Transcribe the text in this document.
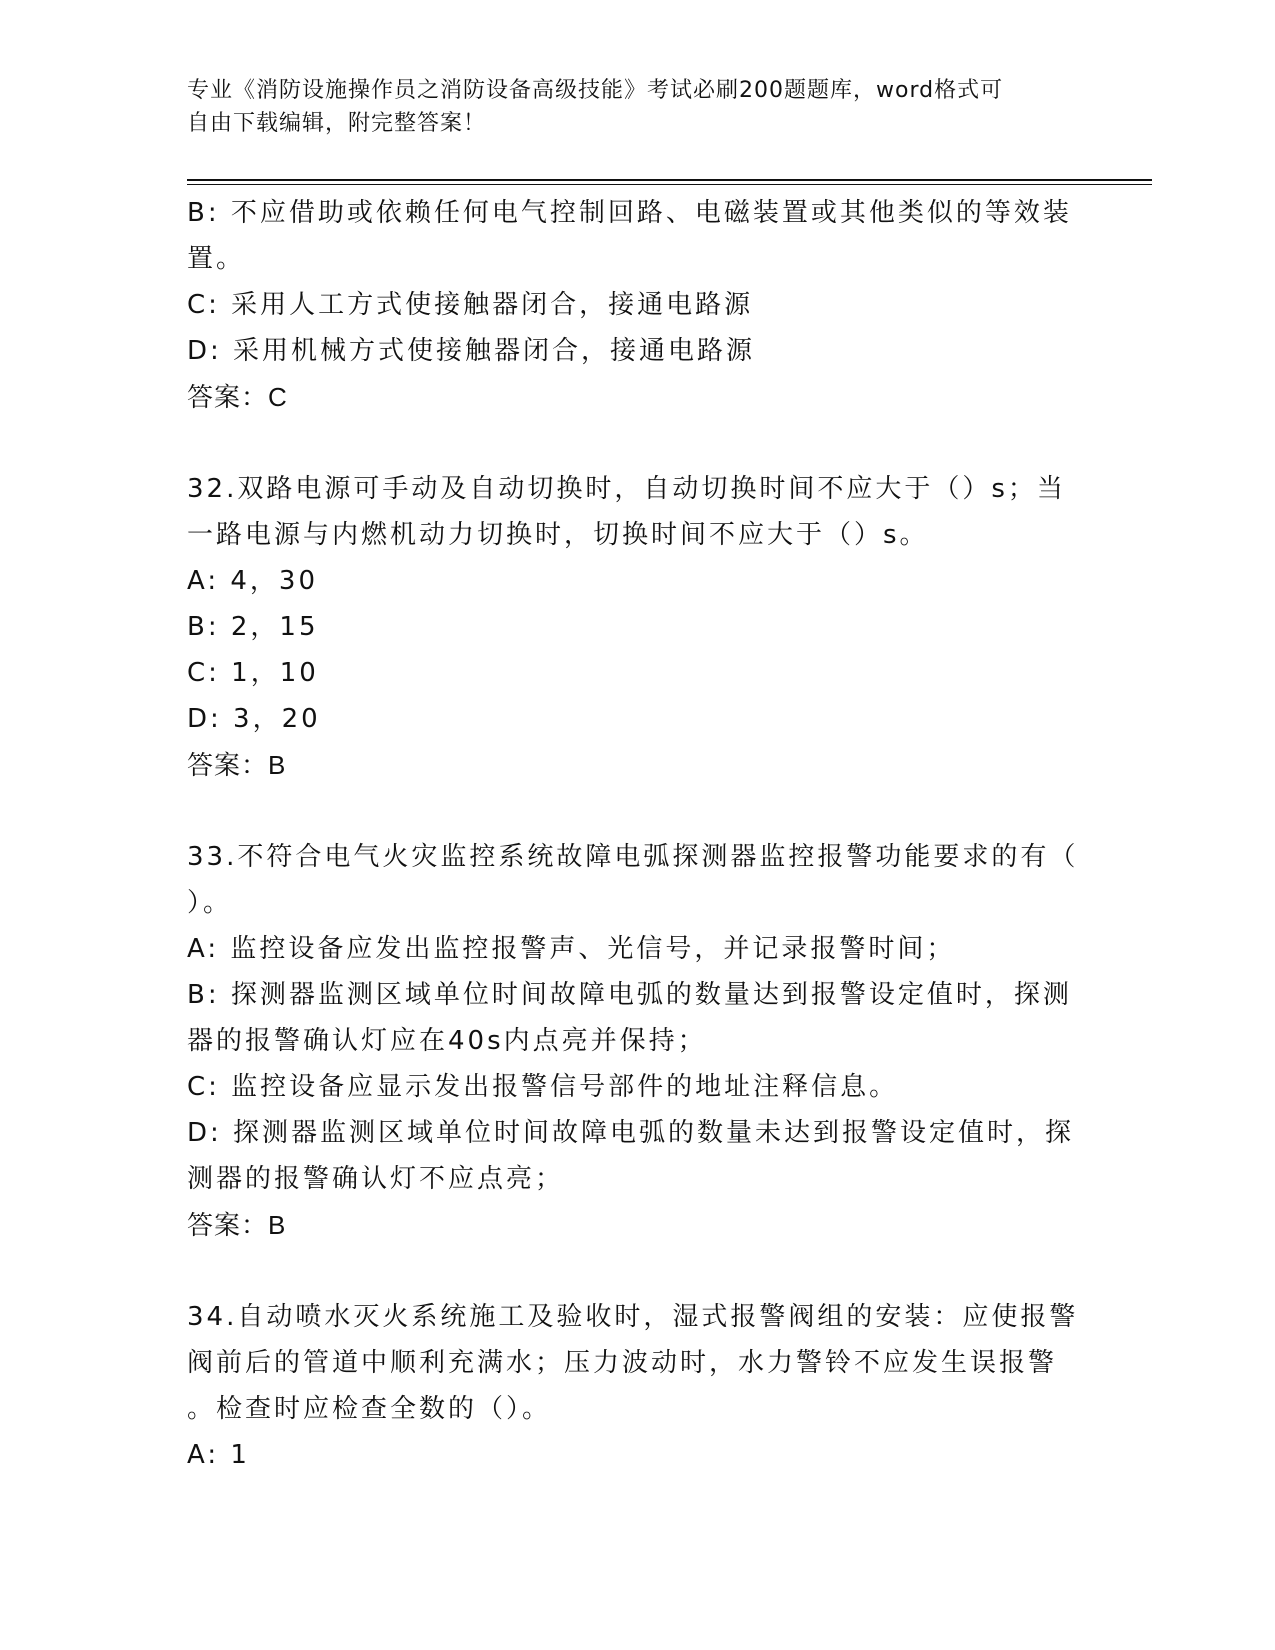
专业《消防设施操作员之消防设备高级技能》考试必刷200题题库，word格式可
自由下载编辑，附完整答案！
B: 不应借助或依赖任何电气控制回路、电磁装置或其他类似的等效装
置。
C: 采用人工方式使接触器闭合，接通电路源
D: 采用机械方式使接触器闭合，接通电路源
答案：C
32.双路电源可手动及自动切换时，自动切换时间不应大于（）s；当
一路电源与内燃机动力切换时，切换时间不应大于（）s。
A: 4，30
B: 2，15
C: 1，10
D: 3，20
答案：B
33.不符合电气火灾监控系统故障电弧探测器监控报警功能要求的有（
）。
A: 监控设备应发出监控报警声、光信号，并记录报警时间；
B: 探测器监测区域单位时间故障电弧的数量达到报警设定值时，探测
器的报警确认灯应在40s内点亮并保持；
C: 监控设备应显示发出报警信号部件的地址注释信息。
D: 探测器监测区域单位时间故障电弧的数量未达到报警设定值时，探
测器的报警确认灯不应点亮；
答案：B
34.自动喷水灭火系统施工及验收时，湿式报警阀组的安装：应使报警
阀前后的管道中顺利充满水；压力波动时，水力警铃不应发生误报警
。检查时应检查全数的（）。
A: 1
